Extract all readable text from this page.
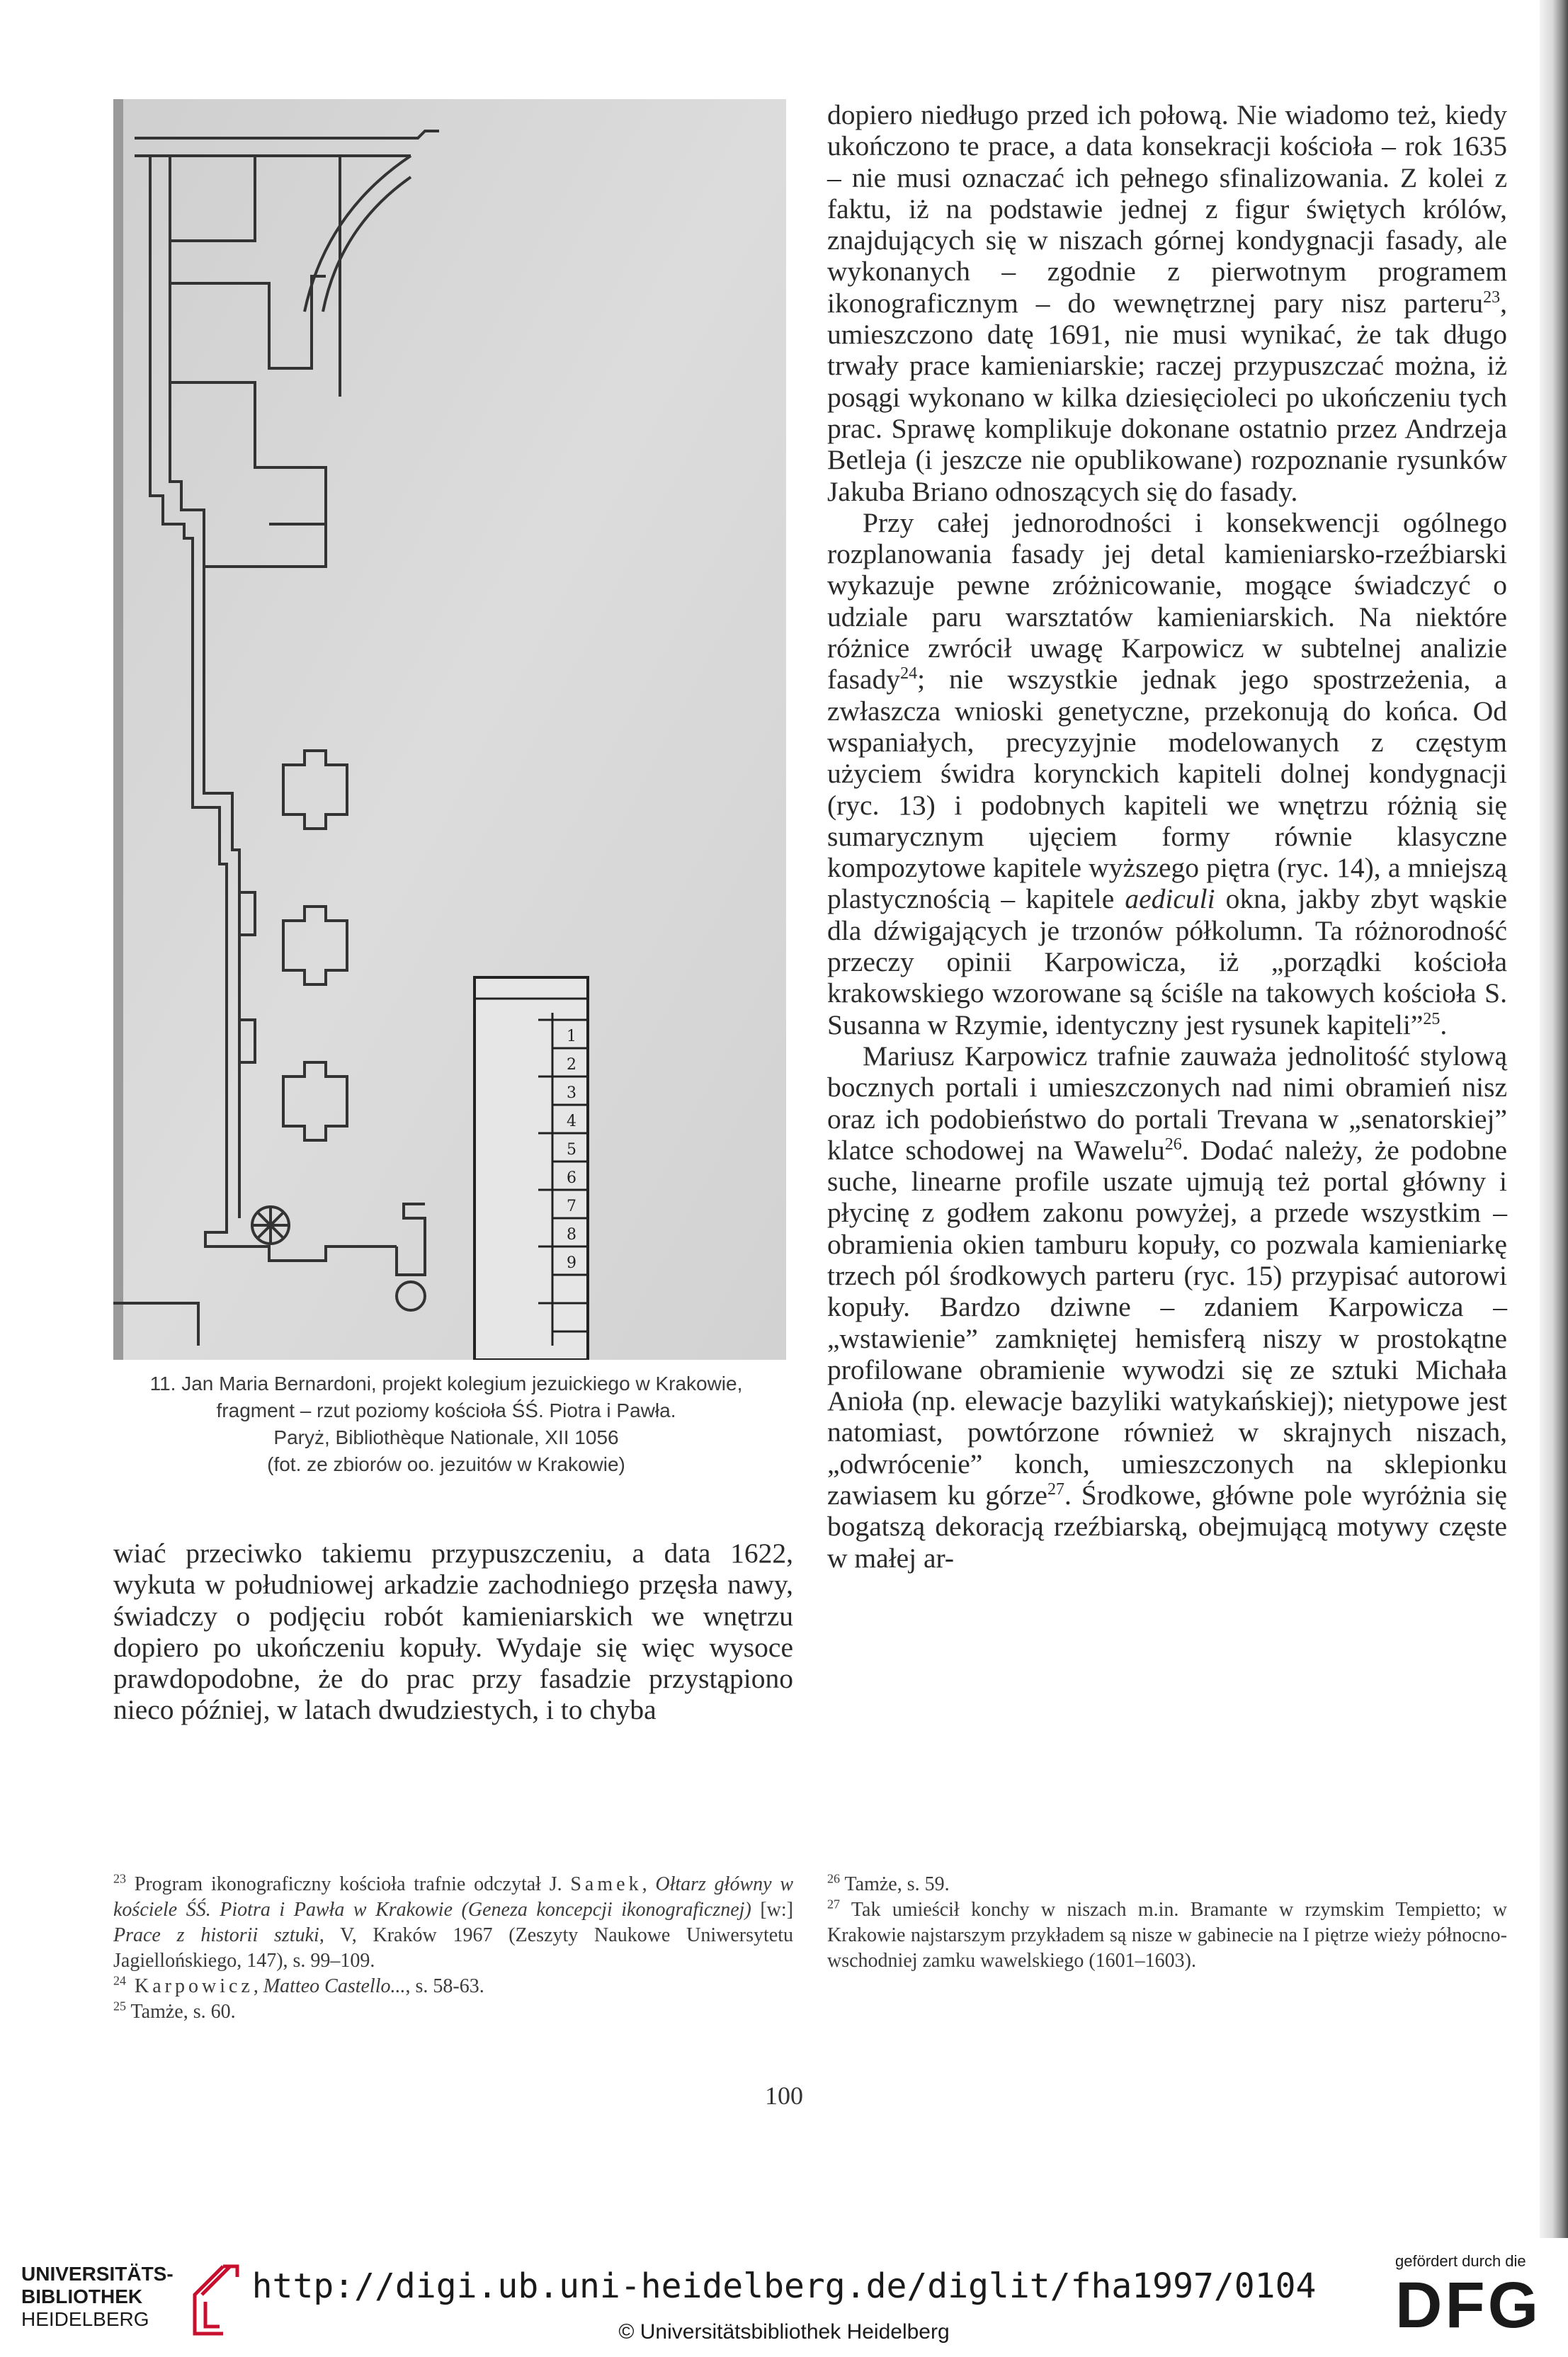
1
2
3
4
5
6
7
8
9
11. Jan Maria Bernardoni, projekt kolegium jezuickiego w Krakowie,
fragment – rzut poziomy kościoła ŚŚ. Piotra i Pawła.
Paryż, Bibliothèque Nationale, XII 1056
(fot. ze zbiorów oo. jezuitów w Krakowie)

wiać przeciwko takiemu przypuszczeniu, a data 1622, wykuta w południowej arkadzie zachodniego przęsła nawy, świadczy o podjęciu robót kamieniarskich we wnętrzu dopiero po ukończeniu kopuły. Wydaje się więc wysoce prawdopodobne, że do prac przy fasadzie przystąpiono nieco później, w latach dwudziestych, i to chyba

dopiero niedługo przed ich połową. Nie wiadomo też, kiedy ukończono te prace, a data konsekracji kościoła – rok 1635 – nie musi oznaczać ich pełnego sfinalizowania. Z kolei z faktu, iż na podstawie jednej z figur świętych królów, znajdujących się w niszach górnej kondygnacji fasady, ale wykonanych – zgodnie z pierwotnym programem ikonograficznym – do wewnętrznej pary nisz parteru$^{23}$, umieszczono datę 1691, nie musi wynikać, że tak długo trwały prace kamieniarskie; raczej przypuszczać można, iż posągi wykonano w kilka dziesięcioleci po ukończeniu tych prac. Sprawę komplikuje dokonane ostatnio przez Andrzeja Betleja (i jeszcze nie opublikowane) rozpoznanie rysunków Jakuba Briano odnoszących się do fasady.

Przy całej jednorodności i konsekwencji ogólnego rozplanowania fasady jej detal kamieniarsko-rzeźbiarski wykazuje pewne zróżnicowanie, mogące świadczyć o udziale paru warsztatów kamieniarskich. Na niektóre różnice zwrócił uwagę Karpowicz w subtelnej analizie fasady$^{24}$; nie wszystkie jednak jego spostrzeżenia, a zwłaszcza wnioski genetyczne, przekonują do końca. Od wspaniałych, precyzyjnie modelowanych z częstym użyciem świdra korynckich kapiteli dolnej kondygnacji (ryc. 13) i podobnych kapiteli we wnętrzu różnią się sumarycznym ujęciem formy równie klasyczne kompozytowe kapitele wyższego piętra (ryc. 14), a mniejszą plastycznością – kapitele aediculi okna, jakby zbyt wąskie dla dźwigających je trzonów półkolumn. Ta różnorodność przeczy opinii Karpowicza, iż „porządki kościoła krakowskiego wzorowane są ściśle na takowych kościoła S. Susanna w Rzymie, identyczny jest rysunek kapiteli”$^{25}$.

Mariusz Karpowicz trafnie zauważa jednolitość stylową bocznych portali i umieszczonych nad nimi obramień nisz oraz ich podobieństwo do portali Trevana w „senatorskiej” klatce schodowej na Wawelu$^{26}$. Dodać należy, że podobne suche, linearne profile uszate ujmują też portal główny i płycinę z godłem zakonu powyżej, a przede wszystkim – obramienia okien tamburu kopuły, co pozwala kamieniarkę trzech pól środkowych parteru (ryc. 15) przypisać autorowi kopuły. Bardzo dziwne – zdaniem Karpowicza – „wstawienie” zamkniętej hemisferą niszy w prostokątne profilowane obramienie wywodzi się ze sztuki Michała Anioła (np. elewacje bazyliki watykańskiej); nietypowe jest natomiast, powtórzone również w skrajnych niszach, „odwrócenie” konch, umieszczonych na sklepionku zawiasem ku górze$^{27}$. Środkowe, główne pole wyróżnia się bogatszą dekoracją rzeźbiarską, obejmującą motywy częste w małej ar-

$^{23}$ Program ikonograficzny kościoła trafnie odczytał J. Samek, Ołtarz główny w kościele ŚŚ. Piotra i Pawła w Krakowie (Geneza koncepcji ikonograficznej) [w:] Prace z historii sztuki, V, Kraków 1967 (Zeszyty Naukowe Uniwersytetu Jagiellońskiego, 147), s. 99–109.

$^{24}$ Karpowicz, Matteo Castello..., s. 58-63.

$^{25}$ Tamże, s. 60.

$^{26}$ Tamże, s. 59.

$^{27}$ Tak umieścił konchy w niszach m.in. Bramante w rzymskim Tempietto; w Krakowie najstarszym przykładem są nisze w gabinecie na I piętrze wieży północno-wschodniej zamku wawelskiego (1601–1603).

100
UNIVERSITÄTS-
BIBLIOTHEK
HEIDELBERG
http://digi.ub.uni-heidelberg.de/diglit/fha1997/0104
© Universitätsbibliothek Heidelberg
gefördert durch die
DFG
